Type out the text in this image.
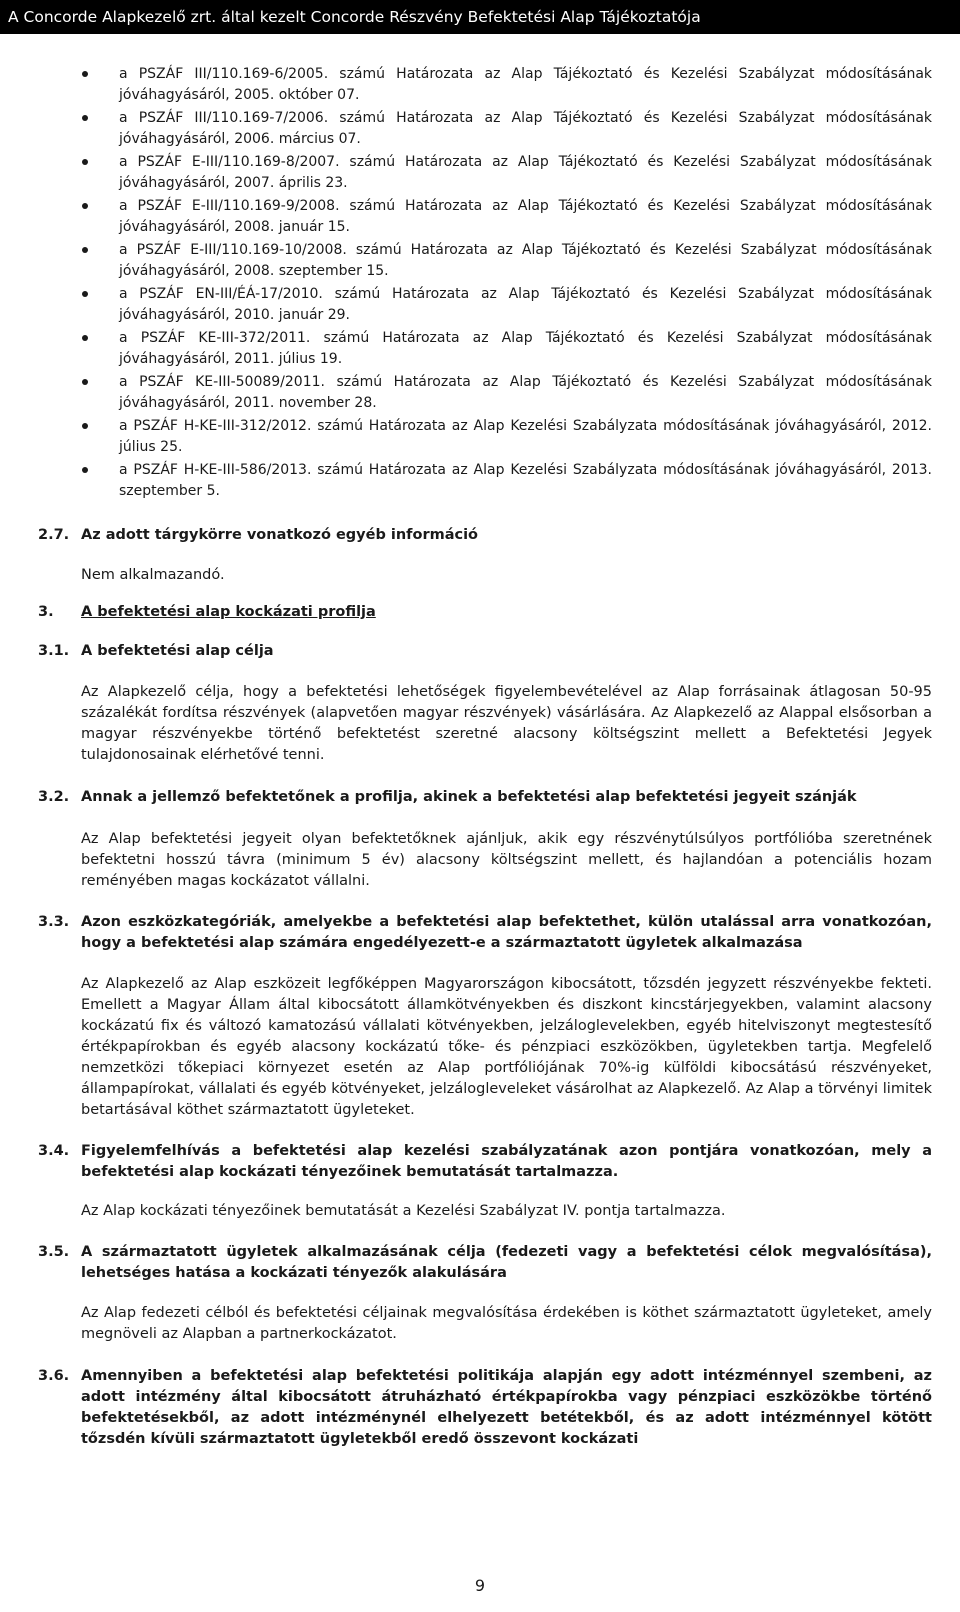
A Concorde Alapkezelő zrt. által kezelt Concorde Részvény Befektetési Alap Tájékoztatója
a PSZÁF III/110.169-6/2005. számú Határozata az Alap Tájékoztató és Kezelési Szabályzat módosításának jóváhagyásáról, 2005. október 07.
a PSZÁF III/110.169-7/2006. számú Határozata az Alap Tájékoztató és Kezelési Szabályzat módosításának jóváhagyásáról, 2006. március 07.
a PSZÁF E-III/110.169-8/2007. számú Határozata az Alap Tájékoztató és Kezelési Szabályzat módosításának jóváhagyásáról, 2007. április 23.
a PSZÁF E-III/110.169-9/2008. számú Határozata az Alap Tájékoztató és Kezelési Szabályzat módosításának jóváhagyásáról, 2008. január 15.
a PSZÁF E-III/110.169-10/2008. számú Határozata az Alap Tájékoztató és Kezelési Szabályzat módosításának jóváhagyásáról, 2008. szeptember 15.
a PSZÁF EN-III/ÉÁ-17/2010. számú Határozata az Alap Tájékoztató és Kezelési Szabályzat módosításának jóváhagyásáról, 2010. január 29.
a PSZÁF KE-III-372/2011. számú Határozata az Alap Tájékoztató és Kezelési Szabályzat módosításának jóváhagyásáról, 2011. július 19.
a PSZÁF KE-III-50089/2011. számú Határozata az Alap Tájékoztató és Kezelési Szabályzat módosításának jóváhagyásáról, 2011. november 28.
a PSZÁF H-KE-III-312/2012. számú Határozata az Alap Kezelési Szabályzata módosításának jóváhagyásáról, 2012. július 25.
a PSZÁF H-KE-III-586/2013. számú Határozata az Alap Kezelési Szabályzata módosításának jóváhagyásáról, 2013. szeptember 5.
2.7. Az adott tárgykörre vonatkozó egyéb információ
Nem alkalmazandó.
3.	A befektetési alap kockázati profilja
3.1. A befektetési alap célja
Az Alapkezelő célja, hogy a befektetési lehetőségek figyelembevételével az Alap forrásainak átlagosan 50-95 százalékát fordítsa részvények (alapvetően magyar részvények) vásárlására. Az Alapkezelő az Alappal elsősorban a magyar részvényekbe történő befektetést szeretné alacsony költségszint mellett a Befektetési Jegyek tulajdonosainak elérhetővé tenni.
3.2. Annak a jellemző befektetőnek a profilja, akinek a befektetési alap befektetési jegyeit szánják
Az Alap befektetési jegyeit olyan befektetőknek ajánljuk, akik egy részvénytúlsúlyos portfólióba szeretnének befektetni hosszú távra (minimum 5 év) alacsony költségszint mellett, és hajlandóan a potenciális hozam reményében magas kockázatot vállalni.
3.3. Azon eszközkategóriák, amelyekbe a befektetési alap befektethet, külön utalással arra vonatkozóan, hogy a befektetési alap számára engedélyezett-e a származtatott ügyletek alkalmazása
Az Alapkezelő az Alap eszközeit legfőképpen Magyarországon kibocsátott, tőzsdén jegyzett részvényekbe fekteti. Emellett a Magyar Állam által kibocsátott államkötvényekben és diszkont kincstárjegyekben, valamint alacsony kockázatú fix és változó kamatozású vállalati kötvényekben, jelzáloglevelekben, egyéb hitelviszonyt megtestesítő értékpapírokban és egyéb alacsony kockázatú tőke- és pénzpiaci eszközökben, ügyletekben tartja. Megfelelő nemzetközi tőkepiaci környezet esetén az Alap portfóliójának 70%-ig külföldi kibocsátású részvényeket, állampapírokat, vállalati és egyéb kötvényeket, jelzálogleveleket vásárolhat az Alapkezelő. Az Alap a törvényi limitek betartásával köthet származtatott ügyleteket.
3.4. Figyelemfelhívás a befektetési alap kezelési szabályzatának azon pontjára vonatkozóan, mely a befektetési alap kockázati tényezőinek bemutatását tartalmazza.
Az Alap kockázati tényezőinek bemutatását a Kezelési Szabályzat IV. pontja tartalmazza.
3.5. A származtatott ügyletek alkalmazásának célja (fedezeti vagy a befektetési célok megvalósítása), lehetséges hatása a kockázati tényezők alakulására
Az Alap fedezeti célból és befektetési céljainak megvalósítása érdekében is köthet származtatott ügyleteket, amely megnöveli az Alapban a partnerkockázatot.
3.6. Amennyiben a befektetési alap befektetési politikája alapján egy adott intézménnyel szembeni, az adott intézmény által kibocsátott átruházható értékpapírokba vagy pénzpiaci eszközökbe történő befektetésekből, az adott intézménynél elhelyezett betétekből, és az adott intézménnyel kötött tőzsdén kívüli származtatott ügyletekből eredő összevont kockázati
9
